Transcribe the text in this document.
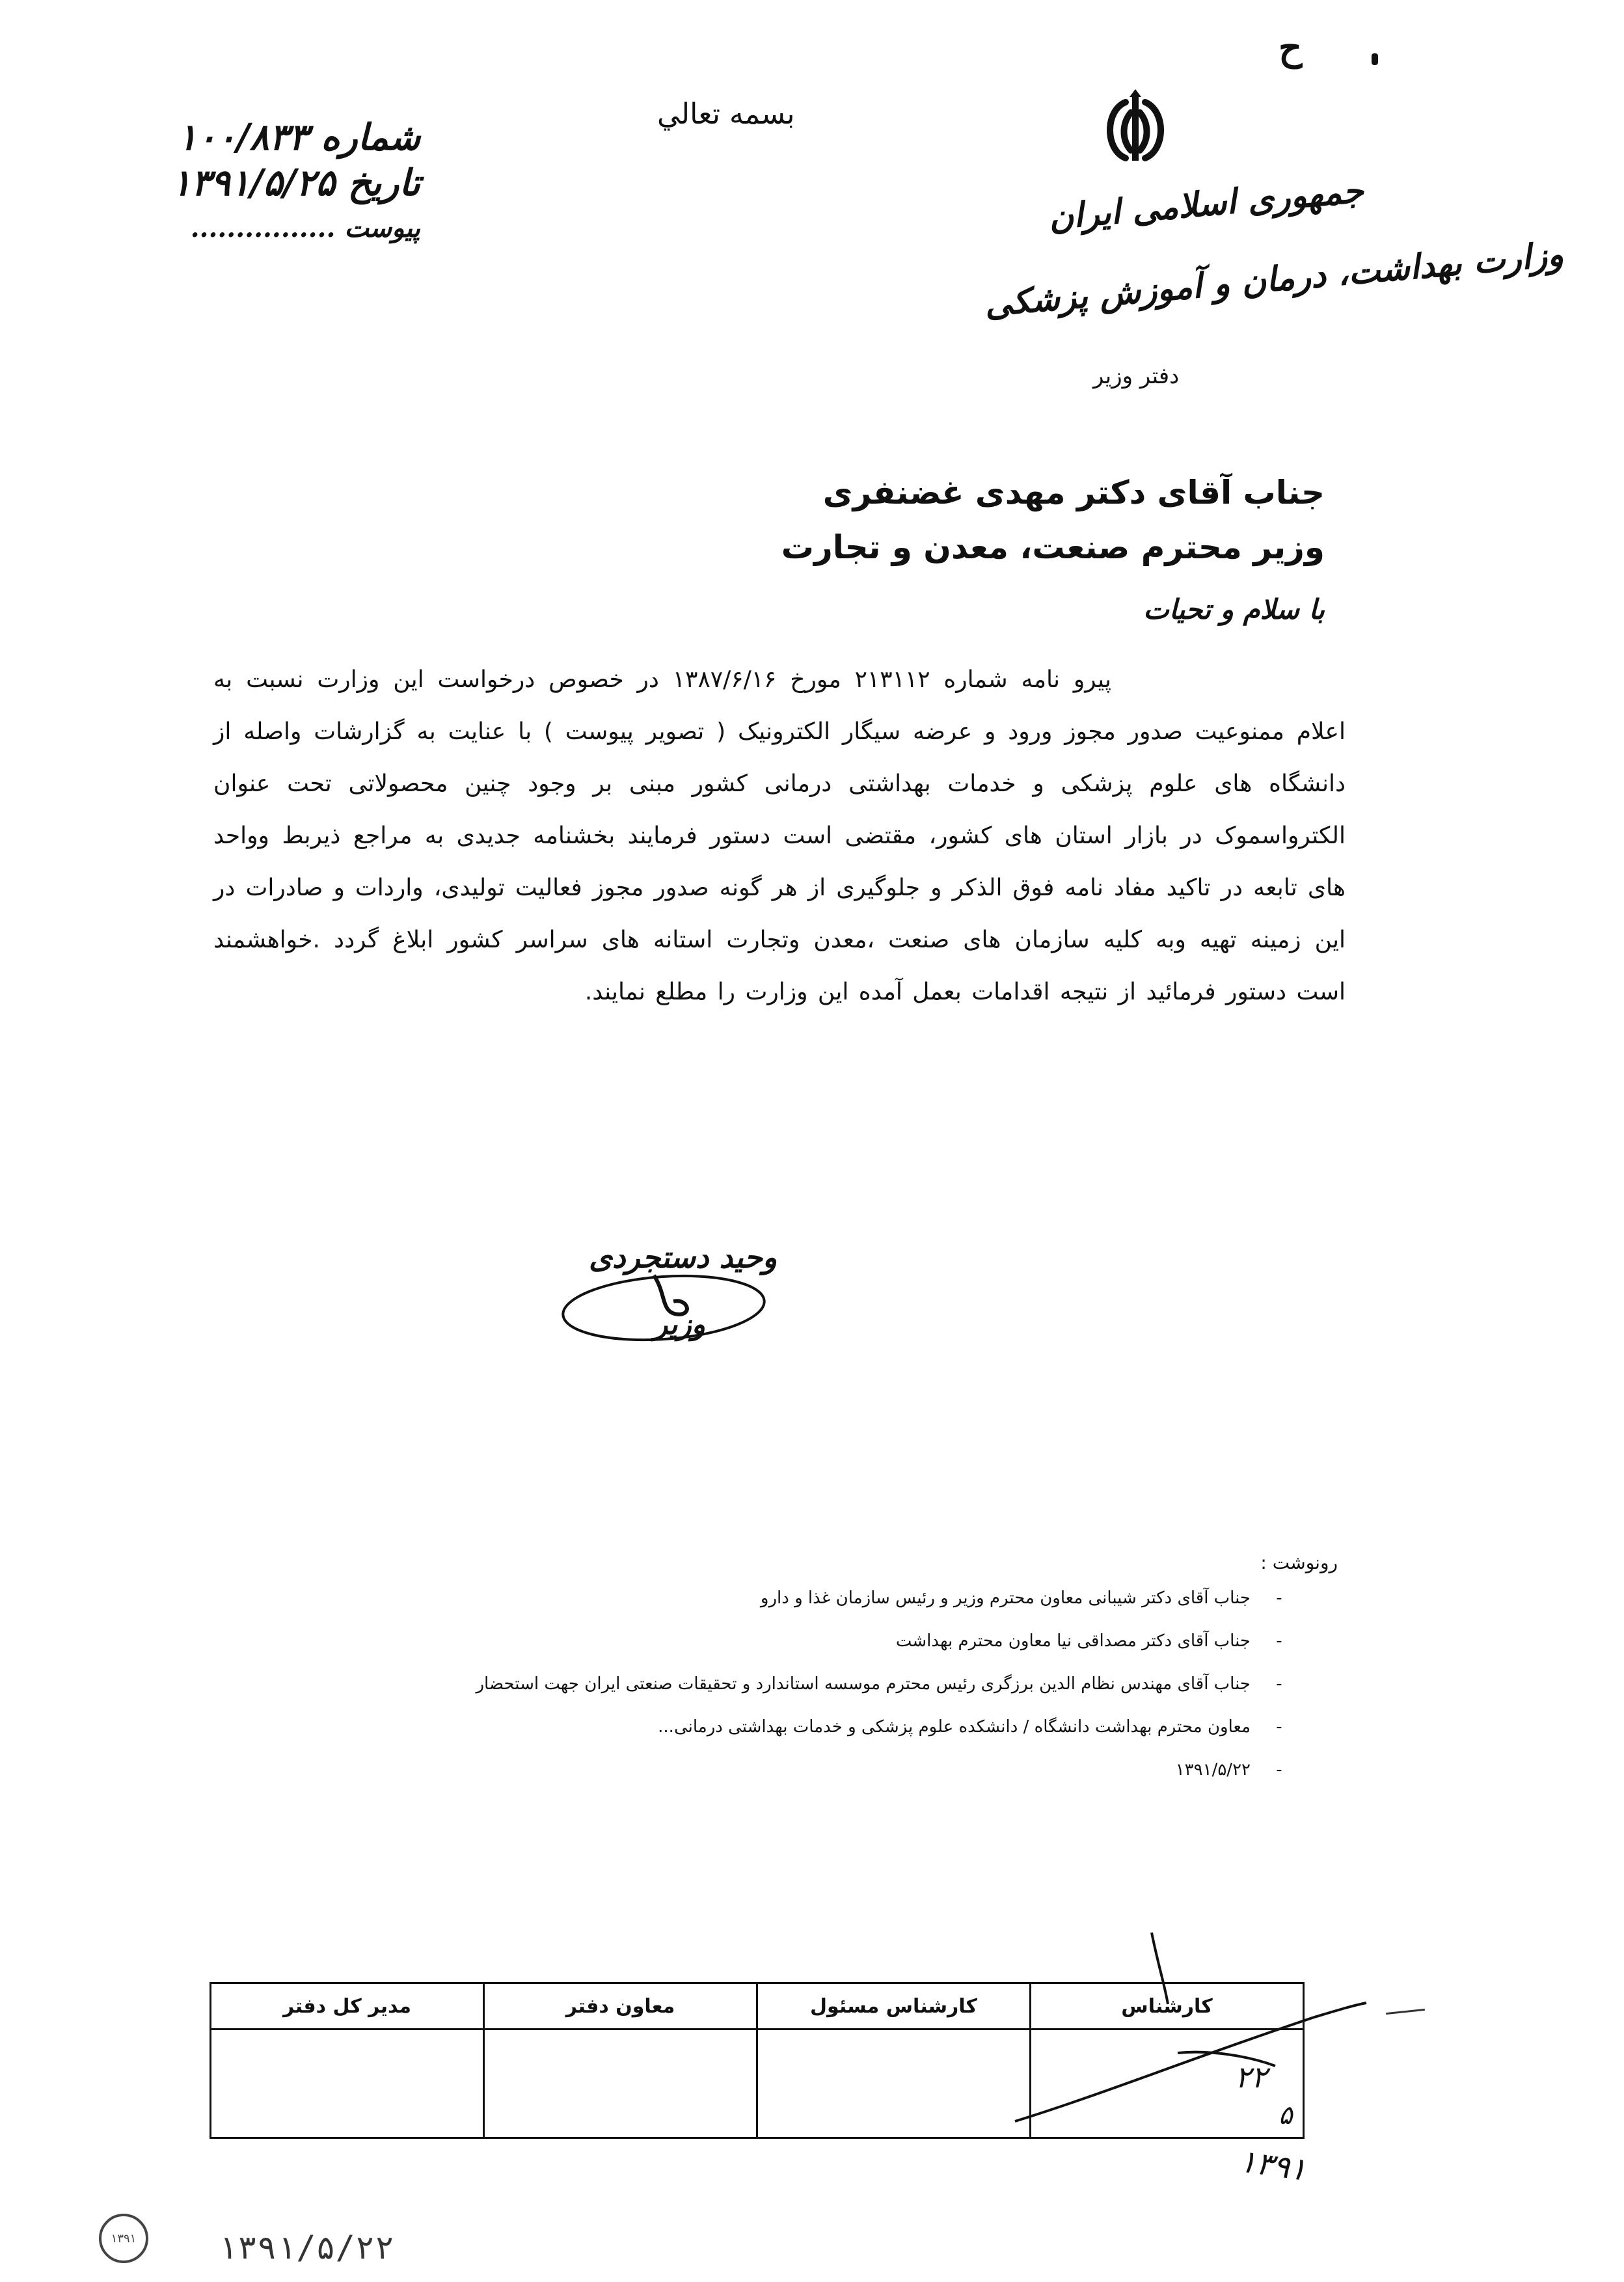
ح
شماره ۱۰۰/۸۳۳
تاریخ ۱۳۹۱/۵/۲۵
پیوست ................
بسمه تعالي
جمهوری اسلامی ایران
وزارت بهداشت، درمان و آموزش پزشکی
دفتر وزیر
جناب آقای دکتر مهدی غضنفری
وزیر محترم صنعت، معدن و تجارت
با سلام و تحیات
پیرو نامه شماره ۲۱۳۱۱۲ مورخ ۱۳۸۷/۶/۱۶ در خصوص درخواست این وزارت نسبت به اعلام ممنوعیت صدور مجوز ورود و عرضه سیگار الکترونیک ( تصویر پیوست ) با عنایت به گزارشات واصله از دانشگاه های علوم پزشکی و خدمات بهداشتی درمانی کشور مبنی بر وجود چنین محصولاتی تحت عنوان الکترواسموک در بازار استان های کشور، مقتضی است دستور فرمایند بخشنامه جدیدی به مراجع ذیربط وواحد های تابعه در تاکید مفاد نامه فوق الذکر و جلوگیری از هر گونه صدور مجوز فعالیت تولیدی، واردات و صادرات در این زمینه تهیه وبه کلیه سازمان های صنعت ،معدن وتجارت استانه های سراسر کشور ابلاغ گردد .خواهشمند است دستور فرمائید از نتیجه اقدامات بعمل آمده این وزارت را مطلع نمایند.
وحید دستجردی
وزیر
رونوشت :
-جناب آقای دکتر شیبانی معاون محترم وزیر و رئیس سازمان غذا و دارو
-جناب آقای دکتر مصداقی نیا معاون محترم بهداشت
-جناب آقای مهندس نظام الدین برزگری رئیس محترم موسسه استاندارد و تحقیقات صنعتی ایران جهت استحضار
-معاون محترم بهداشت دانشگاه / دانشکده علوم پزشکی و خدمات بهداشتی درمانی...
-۱۳۹۱/۵/۲۲
کارشناس	کارشناس مسئول	معاون دفتر	مدیر کل دفتر

۲۲
۵
۱۳۹۱
۱۳۹۱	۱۳۹۱/۵/۲۲
